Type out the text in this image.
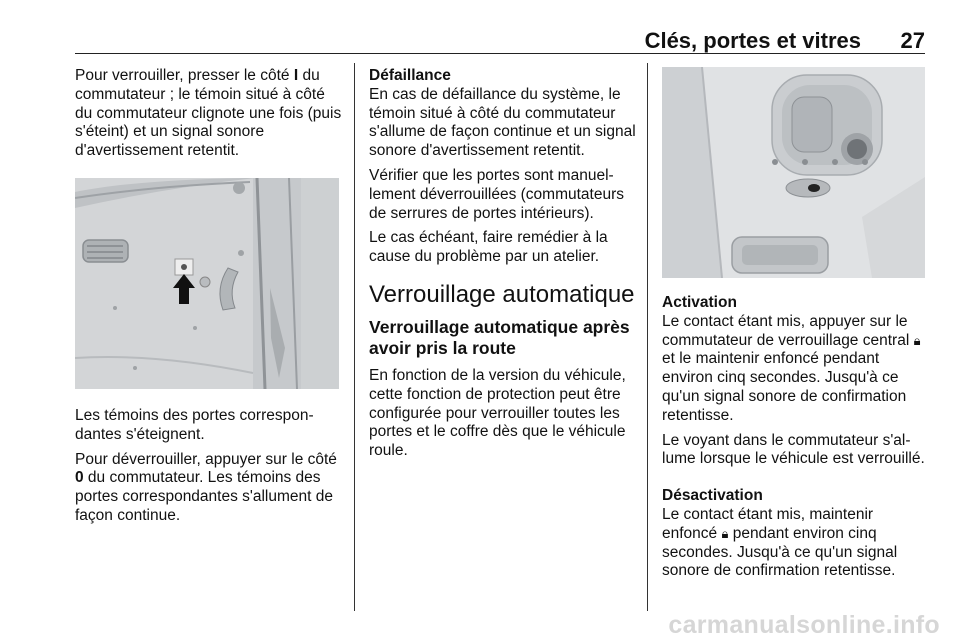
Clés, portes et vitres 27

Pour verrouiller, presser le côté I du commutateur ; le témoin situé à côté du commutateur clignote une fois (puis s'éteint) et un signal sonore d'avertissement retentit.

Les témoins des portes correspondantes s'éteignent.

Pour déverrouiller, appuyer sur le côté 0 du commutateur. Les témoins des portes correspondantes s'allument de façon continue.

Défaillance

En cas de défaillance du système, le témoin situé à côté du commutateur s'allume de façon continue et un signal sonore d'avertissement retentit.

Vérifier que les portes sont manuellement déverrouillées (commutateurs de serrures de portes intérieurs).

Le cas échéant, faire remédier à la cause du problème par un atelier.

Verrouillage automatique
Verrouillage automatique après avoir pris la route

En fonction de la version du véhicule, cette fonction de protection peut être configurée pour verrouiller toutes les portes et le coffre dès que le véhicule roule.

Activation

Le contact étant mis, appuyer sur le commutateur de verrouillage central 🔒︎ et le maintenir enfoncé pendant environ cinq secondes. Jusqu'à ce qu'un signal sonore de confirmation retentisse.

Le voyant dans le commutateur s'allume lorsque le véhicule est verrouillé.

Désactivation

Le contact étant mis, maintenir enfoncé 🔒︎ pendant environ cinq secondes. Jusqu'à ce qu'un signal sonore de confirmation retentisse.

carmanualsonline.info
